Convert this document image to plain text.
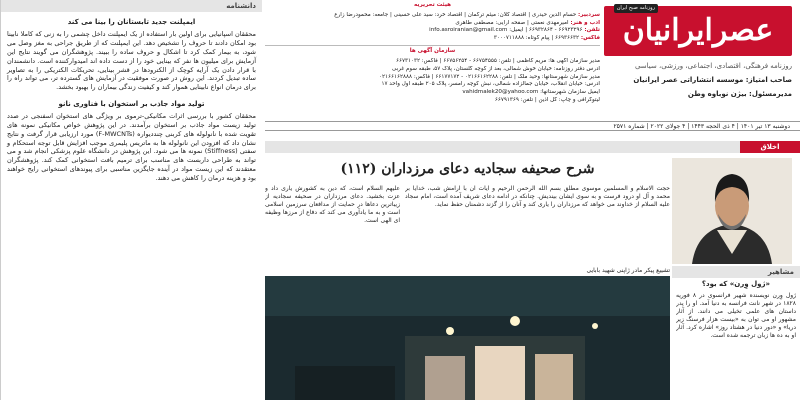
دانشنامه
ایمپلنت جدید تابستانان را بینا می کند

محققان اسپانیایی برای اولین بار استفاده از یک ایمپلنت داخل چشمی را به زنی که کاملا نابینا بود امکان دادند تا حروف را تشخیص دهد. این ایمپلنت که از طریق جراحی به مغز وصل می شود، به بیمار کمک کرد تا اشکال و حروف ساده را ببیند. پژوهشگران می گویند نتایج این آزمایش برای میلیون ها نفر که بینایی خود را از دست داده اند امیدوارکننده است. دانشمندان با قرار دادن یک آرایه کوچک از الکترودها در قشر بینایی، تحریکات الکتریکی را به تصاویر ساده تبدیل کردند. این روش در صورت موفقیت در آزمایش های گسترده تر، می تواند راه را برای درمان انواع نابینایی هموار کند و کیفیت زندگی بیماران را بهبود بخشد.

تولید مواد جاذب بر استخوان با فناوری نانو

محققان کشور با بررسی اثرات مکانیکی-ترموی بر ویژگی های استخوان اسفنجی در صدد تولید زیست مواد جاذب بر استخوان برآمدند. در این پژوهش خواص مکانیکی نمونه های تقویت شده با نانولوله های کربنی چنددیواره (F-MWCNTs) مورد ارزیابی قرار گرفت و نتایج نشان داد که افزودن این نانولوله ها به ماتریس پلیمری موجب افزایش قابل توجه استحکام و سفتی (Stiffness) نمونه ها می شود. این پژوهش در دانشگاه علوم پزشکی انجام شد و می تواند به طراحی داربست های مناسب برای ترمیم بافت استخوانی کمک کند. پژوهشگران معتقدند که این زیست مواد در آینده جایگزین مناسبی برای پیوندهای استخوانی رایج خواهند بود و هزینه درمان را کاهش می دهند.

هیئت تحریریه
سردبیر: حسام الدین حیدری | اقتصاد کلان: میثم ترکمان | اقتصاد خرد: سید علی حسینی | جامعه: محمودرضا زارع
ادب و هنر: امیرمهدی نعمتی | صفحه آرایی: مصطفی طاهری
تلفن: ۶۶۹۲۳۲۹۶ - ۶۶۹۳۲۸۶۴ | ایمیل: info.asroiranian@gmail.com
فاکس: ۶۶۹۳۶۶۳۲ | پیام کوتاه: ۳۰۰۰۷۱۱۸۸۸
سازمان آگهی ها
مدیر سازمان آگهی ها: مریم کاظمی | تلفن: ۶۶۷۵۴۵۵۵ - ۶۶۷۵۶۲۵۴ | فاکس: ۶۶۷۳۱۰۳۲
آدرس دفتر روزنامه: خیابان خوش شمالی، بعد از کوچه گلستان، پلاک ۵۷، طبقه سوم غربی
مدیر سازمان شهرستانها: وحید ملک | تلفن: ۰۲۱۶۶۱۶۲۲۸۸ - ۶۶۱۷۷۱۷۲ | فاکس: ۰۲۱۶۶۱۶۲۸۸۸
آدرس: خیابان انقلاب، خیابان جمالزاده شمالی، نبش کوچه رامسر، پلاک ۲۰۵ طبقه اول واحد ۱۷
ایمیل سازمان شهرستانها: vahidmalek20@yahoo.com
لیتوگرافی و چاپ: گل آذین | تلفن: ۶۶۷۹۱۳۶۹
عصرایرانیان
روزنامه صبح ایران
روزنامه فرهنگی، اقتصادی، اجتماعی، ورزشی، سیاسی
صاحب امتیاز: موسسه انتشاراتی عصر ایرانیان
مدیرمسئول: بیژن نوباوه وطن
دوشنبه ۱۳ تیر ۱۴۰۱ | ۴ ذی الحجه ۱۴۴۳ | ۴ جولای ۲۰۲۲ | شماره ۲۵۷۱
اخلاق
شرح صحیفه سجادیه دعای مرزداران (۱۱۲)

حجت الاسلام و المسلمین موسوی مطلق بسم الله الرحمن الرحیم و آیات آن با آرامش شب، خدایا بر محمد و آل او درود فرست و به سوی ایشان بیندیش. چنانکه در ادامه دعای شریف آمده است، امام سجاد علیه السلام از خداوند می خواهد که مرزداران را یاری کند و آنان را از گزند دشمنان حفظ نماید.

علیهم السلام است، که دین به کشورش یاری داد و عزت بخشید. دعای مرزداران در صحیفه سجادیه از زیباترین دعاها در حمایت از مدافعان سرزمین اسلامی است و به ما یادآوری می کند که دفاع از مرزها وظیفه ای الهی است.

تشییع پیکر مادر ژاپنی شهید بابایی	مشاهیر
«ژول وِرن» که بود؟

ژول وِرن نویسنده شهیر فرانسوی در ۸ فوریه ۱۸۲۸ در شهر نانت فرانسه به دنیا آمد. او را پدر داستان های علمی تخیلی می دانند. از آثار مشهور او می توان به «بیست هزار فرسنگ زیر دریا» و «دور دنیا در هشتاد روز» اشاره کرد. آثار او به ده ها زبان ترجمه شده است.
